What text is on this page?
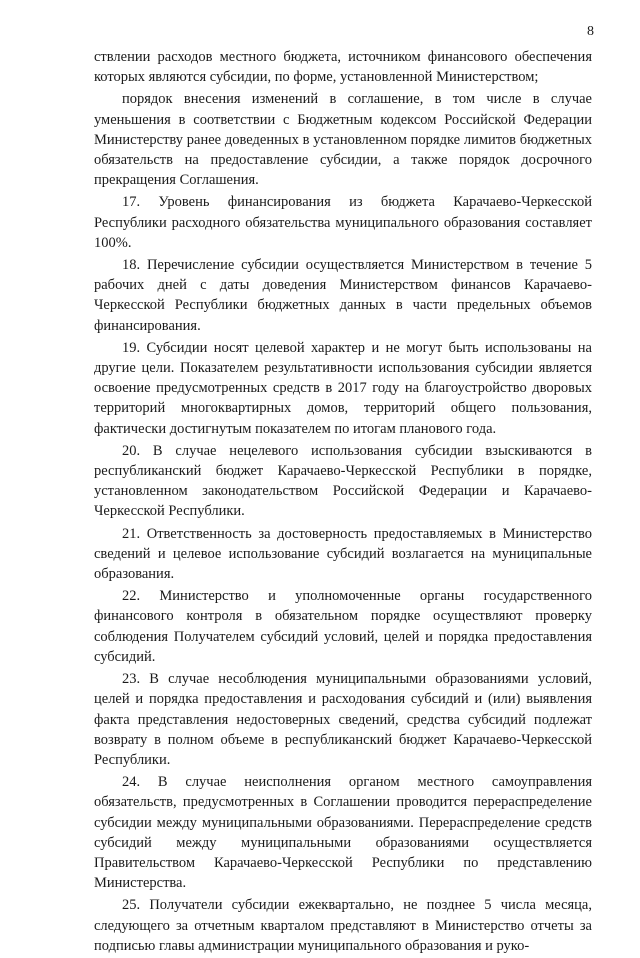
8

ствлении расходов местного бюджета, источником финансового обеспечения которых являются субсидии, по форме, установленной Министерством;

порядок внесения изменений в соглашение, в том числе в случае уменьшения в соответствии с Бюджетным кодексом Российской Федерации Министерству ранее доведенных в установленном порядке лимитов бюджетных обязательств на предоставление субсидии, а также порядок досрочного прекращения Соглашения.

17. Уровень финансирования из бюджета Карачаево-Черкесской Республики расходного обязательства муниципального образования составляет 100%.

18. Перечисление субсидии осуществляется Министерством в течение 5 рабочих дней с даты доведения Министерством финансов Карачаево-Черкесской Республики бюджетных данных в части предельных объемов финансирования.

19. Субсидии носят целевой характер и не могут быть использованы на другие цели. Показателем результативности использования субсидии является освоение предусмотренных средств в 2017 году на благоустройство дворовых территорий многоквартирных домов, территорий общего пользования, фактически достигнутым показателем по итогам планового года.

20. В случае нецелевого использования субсидии взыскиваются в республиканский бюджет Карачаево-Черкесской Республики в порядке, установленном законодательством Российской Федерации и Карачаево-Черкесской Республики.

21. Ответственность за достоверность предоставляемых в Министерство сведений и целевое использование субсидий возлагается на муниципальные образования.

22. Министерство и уполномоченные органы государственного финансового контроля в обязательном порядке осуществляют проверку соблюдения Получателем субсидий условий, целей и порядка предоставления субсидий.

23. В случае несоблюдения муниципальными образованиями условий, целей и порядка предоставления и расходования субсидий и (или) выявления факта представления недостоверных сведений, средства субсидий подлежат возврату в полном объеме в республиканский бюджет Карачаево-Черкесской Республики.

24. В случае неисполнения органом местного самоуправления обязательств, предусмотренных в Соглашении проводится перераспределение субсидии между муниципальными образованиями. Перераспределение средств субсидий между муниципальными образованиями осуществляется Правительством Карачаево-Черкесской Республики по представлению Министерства.

25. Получатели субсидии ежеквартально, не позднее 5 числа месяца, следующего за отчетным кварталом представляют в Министерство отчеты за подписью главы администрации муниципального образования и руко-
